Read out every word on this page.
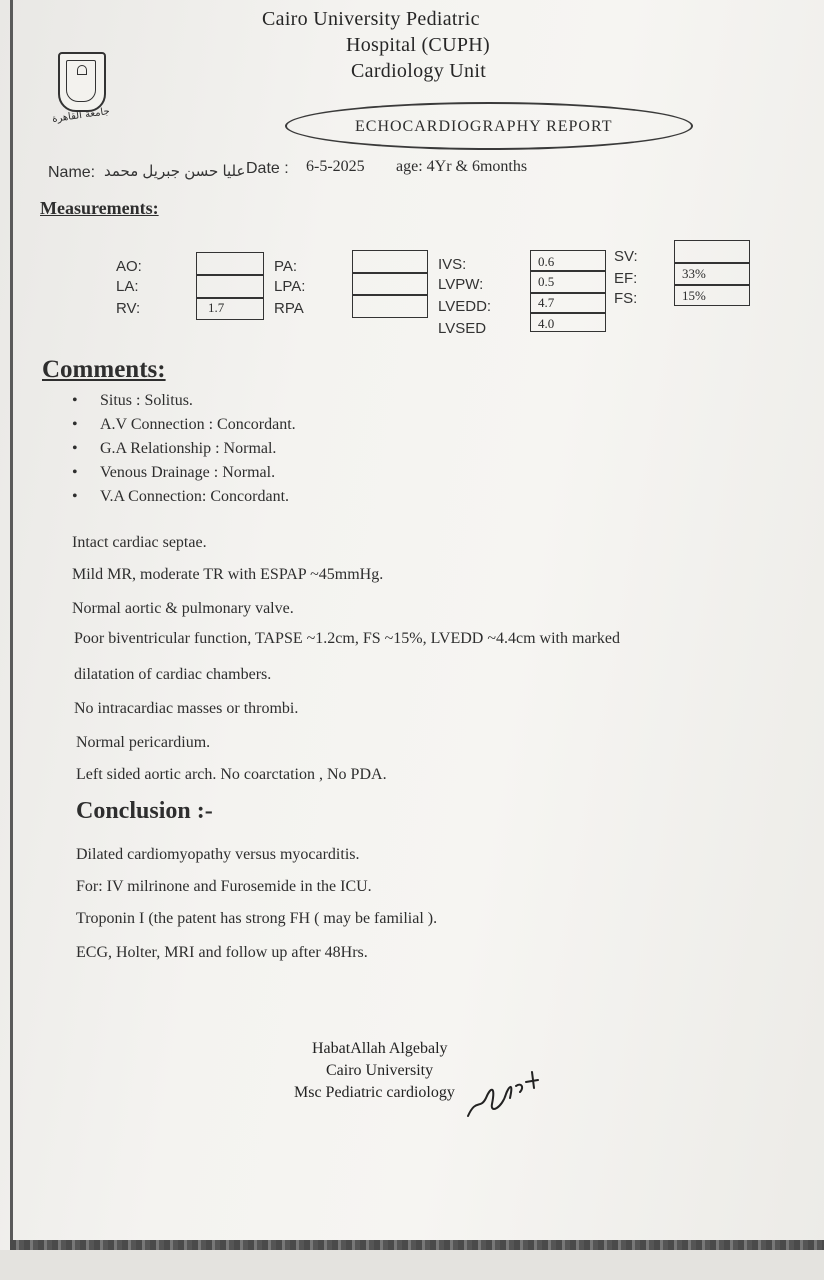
Cairo University Pediatric
Hospital (CUPH)
Cardiology Unit
جامعة القاهرة
ECHOCARDIOGRAPHY REPORT
Name: عليا حسن جبريل محمد Date : 6-5-2025 age: 4Yr & 6months
Measurements:
AO:
LA:
RV:	1.7
PA:
LPA:
RPA
IVS:
LVPW:
LVEDD:
LVSED
0.6
0.5
4.7
4.0
SV:
EF:
FS:
33%
15%
Comments:
• Situs : Solitus.
• A.V Connection : Concordant.
• G.A Relationship : Normal.
• Venous Drainage : Normal.
• V.A Connection: Concordant.
Intact cardiac septae.
Mild MR, moderate TR with ESPAP ~45mmHg.
Normal aortic & pulmonary valve.
Poor biventricular function, TAPSE ~1.2cm, FS ~15%, LVEDD ~4.4cm with marked
dilatation of cardiac chambers.
No intracardiac masses or thrombi.
Normal pericardium.
Left sided aortic arch. No coarctation , No PDA.
Conclusion :-
Dilated cardiomyopathy versus myocarditis.
For: IV milrinone and Furosemide in the ICU.
Troponin I (the patent has strong FH ( may be familial ).
ECG, Holter, MRI and follow up after 48Hrs.
HabatAllah Algebaly
Cairo University
Msc Pediatric cardiology
